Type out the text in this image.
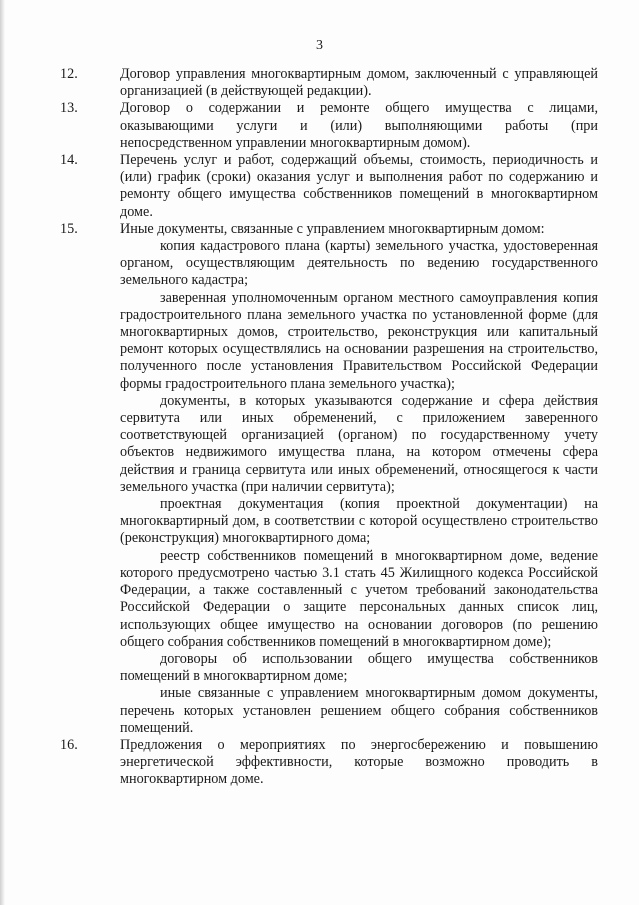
3
12.	Договор управления многоквартирным домом, заключенный с управляющей организацией (в действующей редакции).
13.	Договор о содержании и ремонте общего имущества с лицами, оказывающими услуги и (или) выполняющими работы (при непосредственном управлении многоквартирным домом).
14.	Перечень услуг и работ, содержащий объемы, стоимость, периодичность и (или) график (сроки) оказания услуг и выполнения работ по содержанию и ремонту общего имущества собственников помещений в многоквартирном доме.
15.	Иные документы, связанные с управлением многоквартирным домом:
копия кадастрового плана (карты) земельного участка, удостоверенная органом, осуществляющим деятельность по ведению государственного земельного кадастра;
заверенная уполномоченным органом местного самоуправления копия градостроительного плана земельного участка по установленной форме (для многоквартирных домов, строительство, реконструкция или капитальный ремонт которых осуществлялись на основании разрешения на строительство, полученного после установления Правительством Российской Федерации формы градостроительного плана земельного участка);
документы, в которых указываются содержание и сфера действия сервитута или иных обременений, с приложением заверенного соответствующей организацией (органом) по государственному учету объектов недвижимого имущества плана, на котором отмечены сфера действия и граница сервитута или иных обременений, относящегося к части земельного участка (при наличии сервитута);
проектная документация (копия проектной документации) на многоквартирный дом, в соответствии с которой осуществлено строительство (реконструкция) многоквартирного дома;
реестр собственников помещений в многоквартирном доме, ведение которого предусмотрено частью 3.1 стать 45 Жилищного кодекса Российской Федерации, а также составленный с учетом требований законодательства Российской Федерации о защите персональных данных список лиц, использующих общее имущество на основании договоров (по решению общего собрания собственников помещений в многоквартирном доме);
договоры об использовании общего имущества собственников помещений в многоквартирном доме;
иные связанные с управлением многоквартирным домом документы, перечень которых установлен решением общего собрания собственников помещений.
16.	Предложения о мероприятиях по энергосбережению и повышению энергетической эффективности, которые возможно проводить в многоквартирном доме.
